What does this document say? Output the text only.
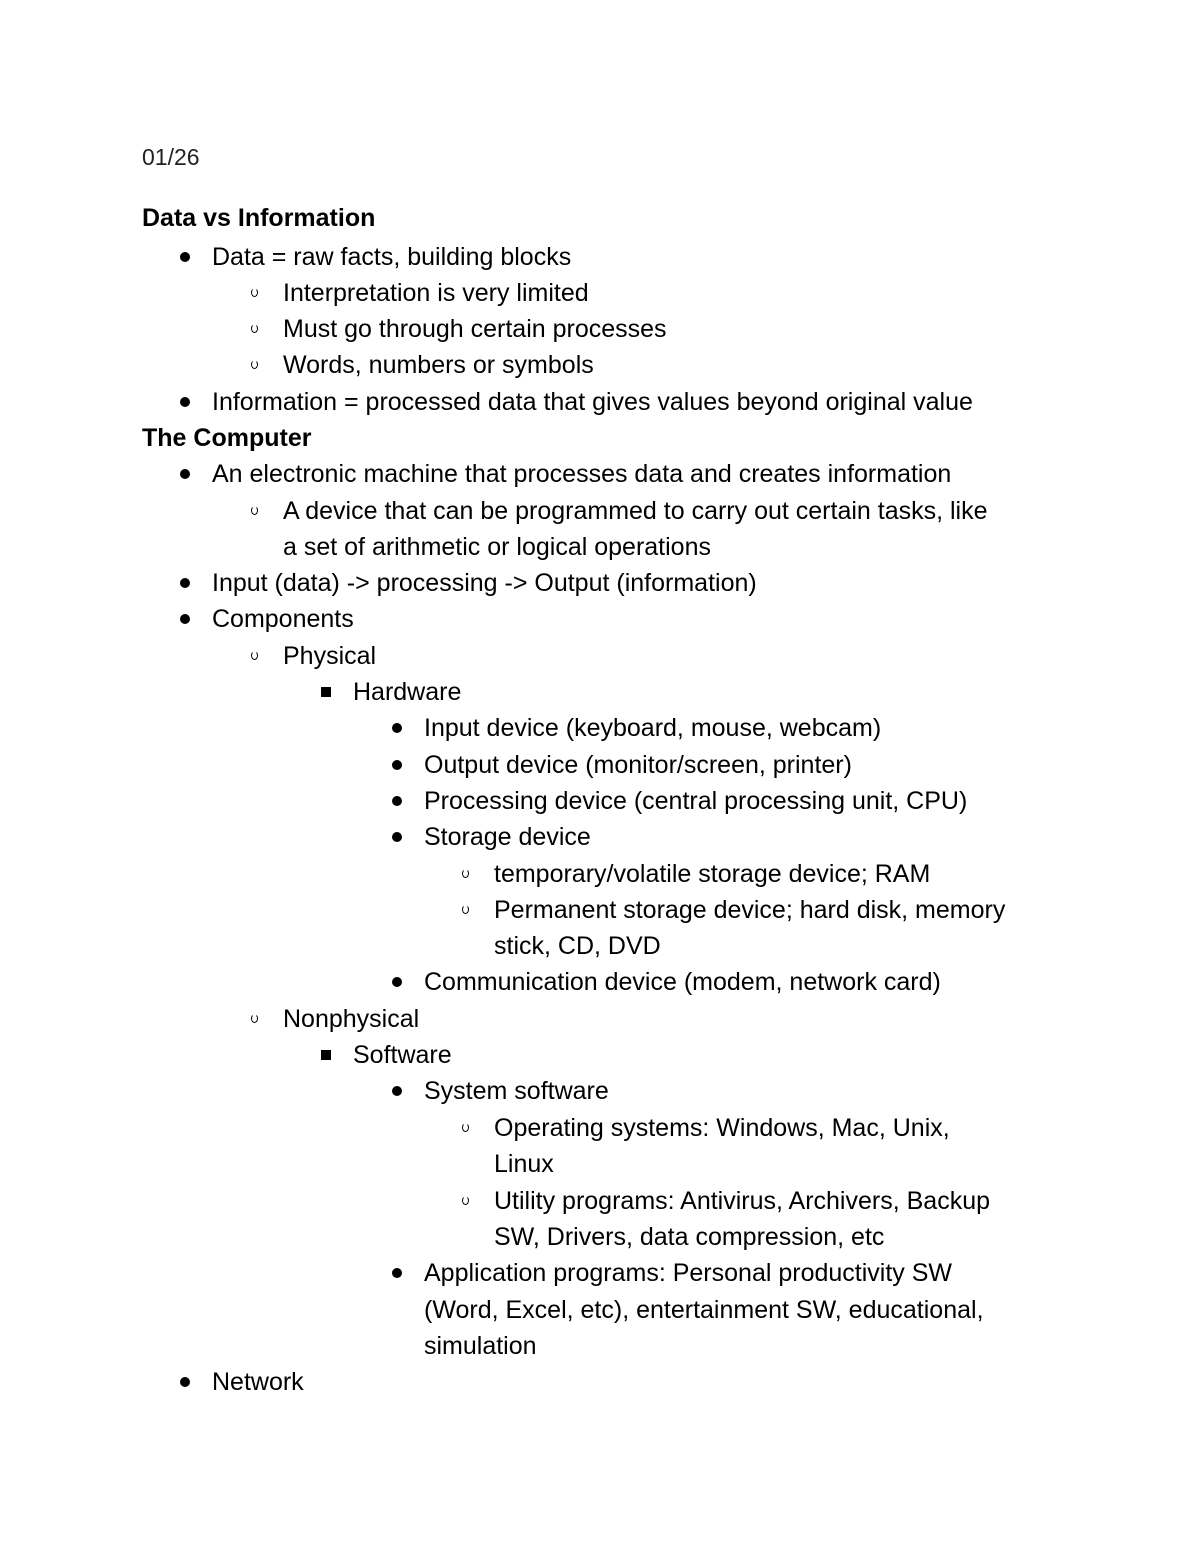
01/26
Data vs Information
Data = raw facts, building blocks
Interpretation is very limited
Must go through certain processes
Words, numbers or symbols
Information = processed data that gives values beyond original value
The Computer
An electronic machine that processes data and creates information
A device that can be programmed to carry out certain tasks, like
a set of arithmetic or logical operations
Input (data) -> processing -> Output (information)
Components
Physical
Hardware
Input device (keyboard, mouse, webcam)
Output device (monitor/screen, printer)
Processing device (central processing unit, CPU)
Storage device
temporary/volatile storage device; RAM
Permanent storage device; hard disk, memory
stick, CD, DVD
Communication device (modem, network card)
Nonphysical
Software
System software
Operating systems: Windows, Mac, Unix,
Linux
Utility programs: Antivirus, Archivers, Backup
SW, Drivers, data compression, etc
Application programs: Personal productivity SW
(Word, Excel, etc), entertainment SW, educational,
simulation
Network
